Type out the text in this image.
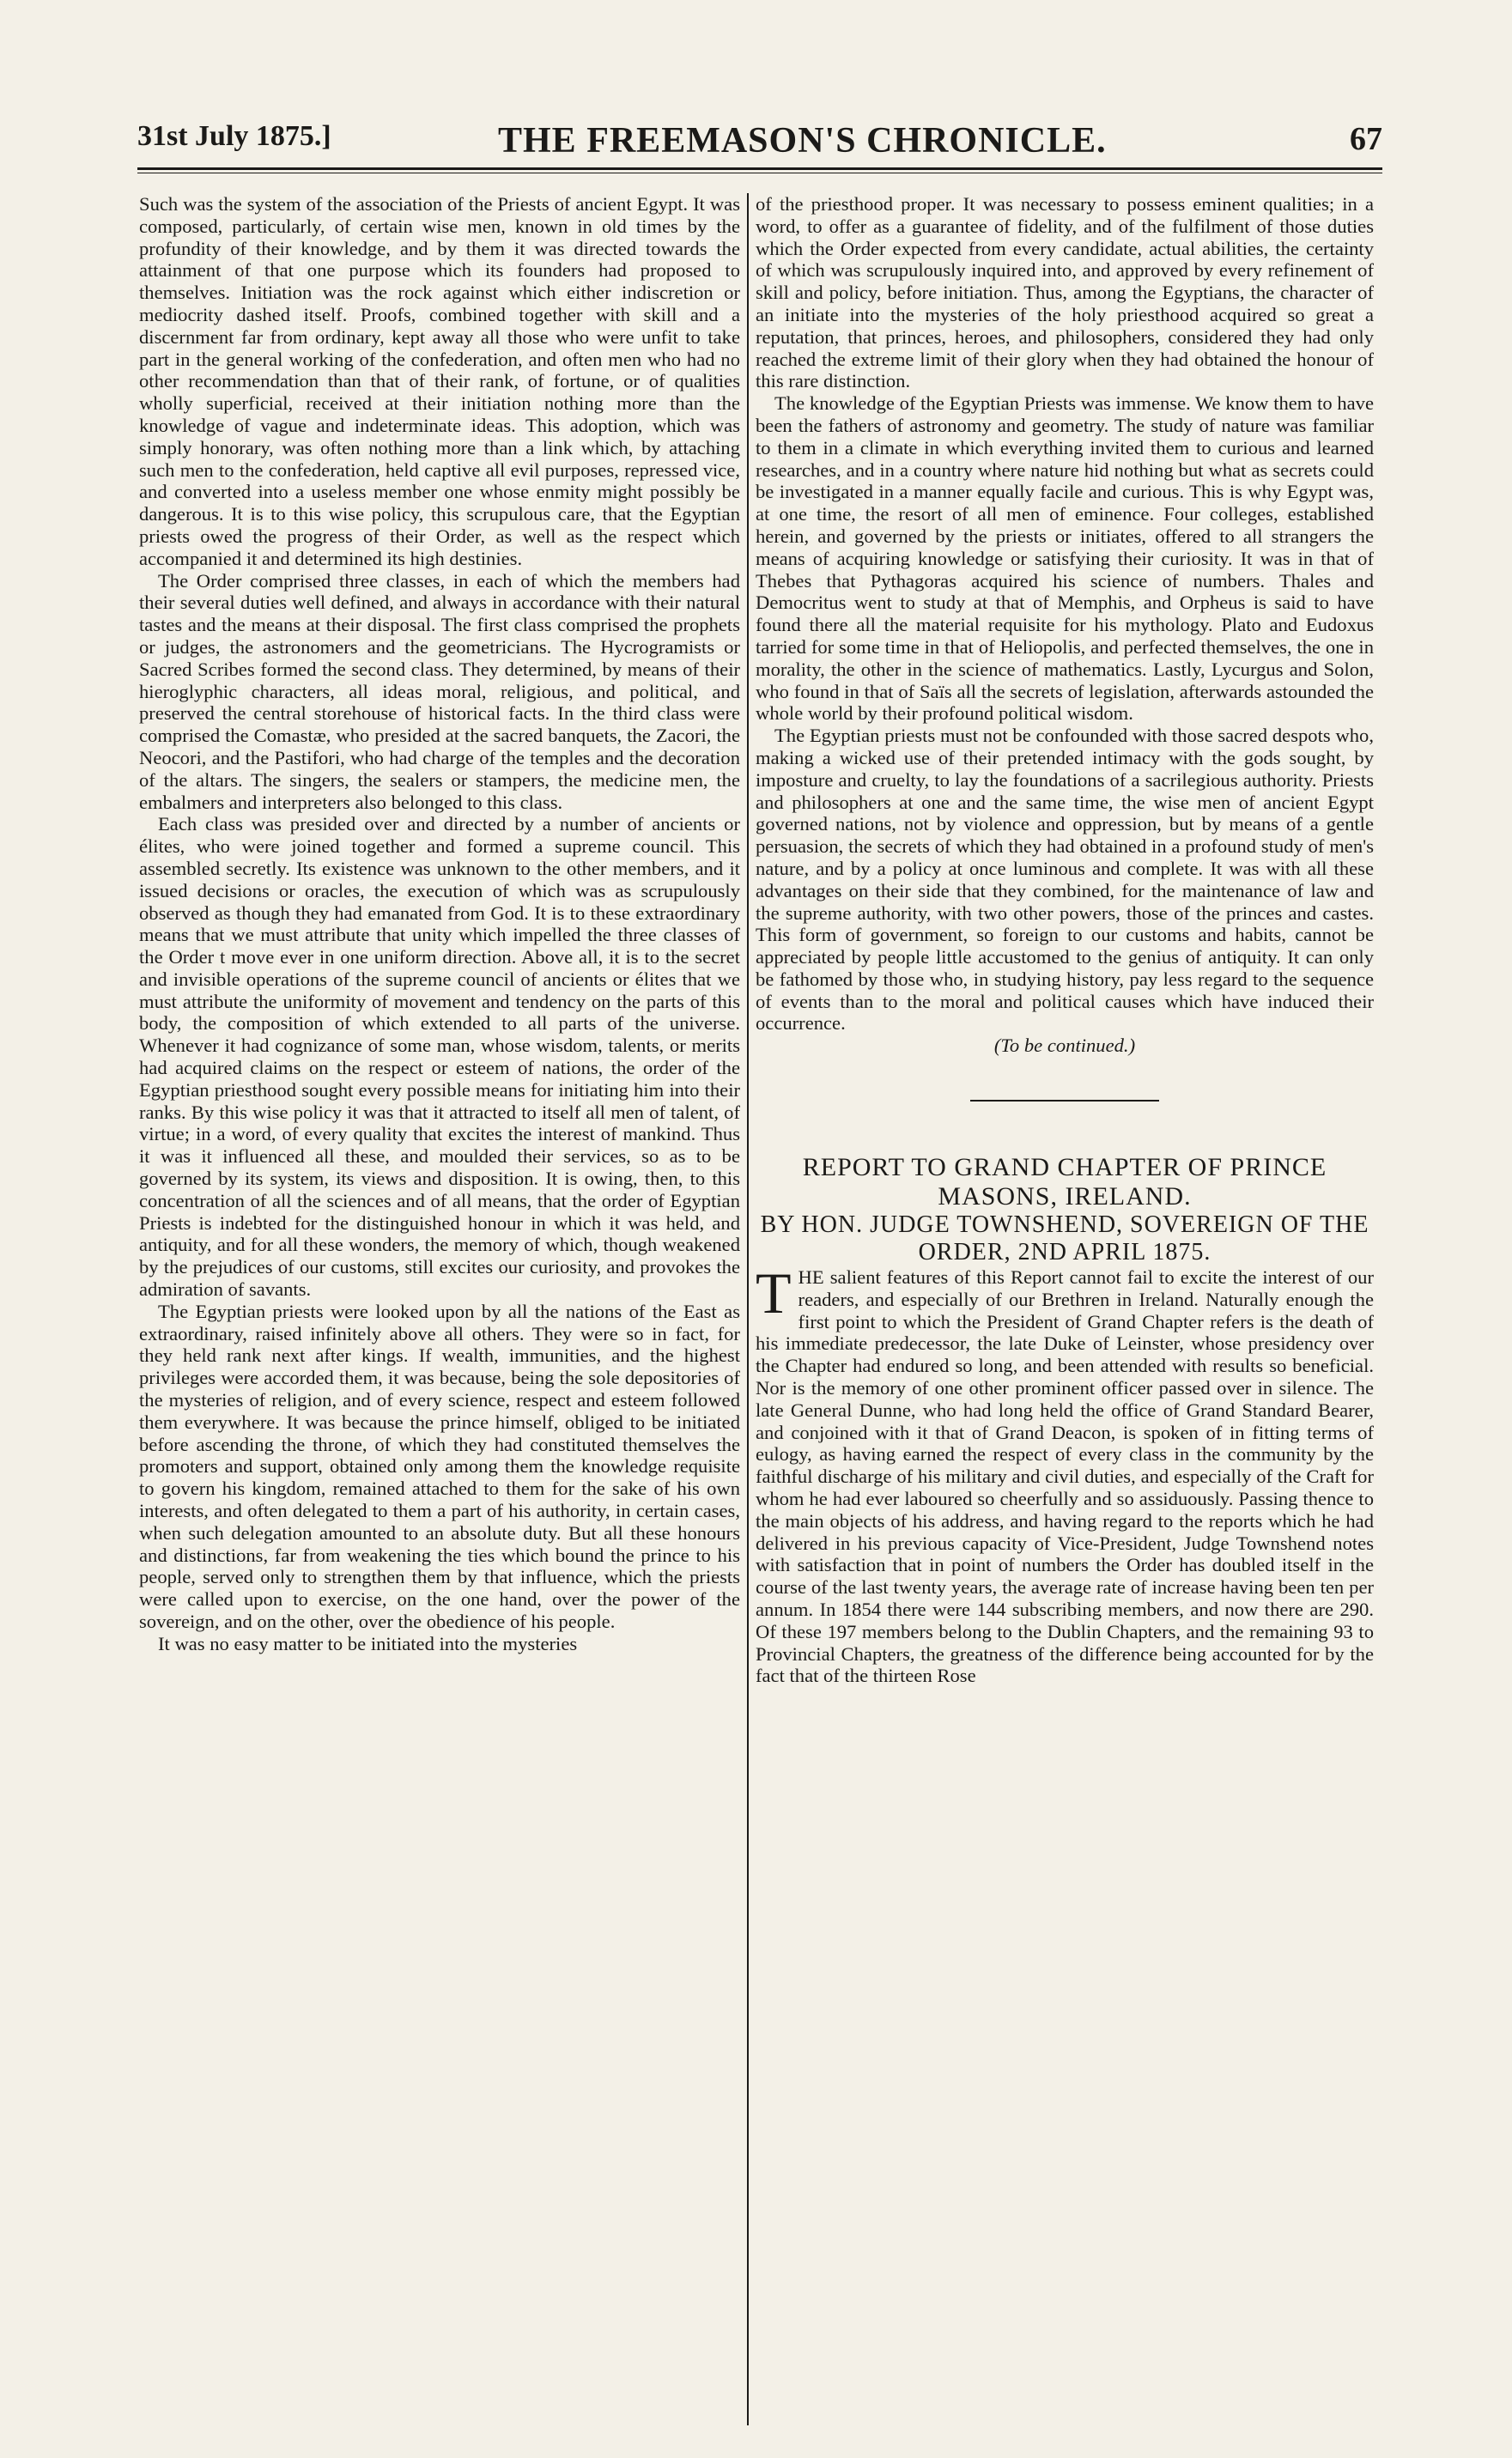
31st July 1875.]	THE FREEMASON'S CHRONICLE.	67

Such was the system of the association of the Priests of ancient Egypt. It was composed, particularly, of certain wise men, known in old times by the profundity of their knowledge, and by them it was directed towards the attainment of that one purpose which its founders had proposed to themselves. Initiation was the rock against which either indiscretion or mediocrity dashed itself. Proofs, combined together with skill and a discernment far from ordinary, kept away all those who were unfit to take part in the general working of the confederation, and often men who had no other recommendation than that of their rank, of fortune, or of qualities wholly superficial, received at their initiation nothing more than the knowledge of vague and indeterminate ideas. This adoption, which was simply honorary, was often nothing more than a link which, by attaching such men to the confederation, held captive all evil purposes, repressed vice, and converted into a useless member one whose enmity might possibly be dangerous. It is to this wise policy, this scrupulous care, that the Egyptian priests owed the progress of their Order, as well as the respect which accompanied it and determined its high destinies.

The Order comprised three classes, in each of which the members had their several duties well defined, and always in accordance with their natural tastes and the means at their disposal. The first class comprised the prophets or judges, the astronomers and the geometricians. The Hycrogramists or Sacred Scribes formed the second class. They determined, by means of their hieroglyphic characters, all ideas moral, religious, and political, and preserved the central storehouse of historical facts. In the third class were comprised the Comastæ, who presided at the sacred banquets, the Zacori, the Neocori, and the Pastifori, who had charge of the temples and the decoration of the altars. The singers, the sealers or stampers, the medicine men, the embalmers and interpreters also belonged to this class.

Each class was presided over and directed by a number of ancients or élites, who were joined together and formed a supreme council. This assembled secretly. Its existence was unknown to the other members, and it issued decisions or oracles, the execution of which was as scrupulously observed as though they had emanated from God. It is to these extraordinary means that we must attribute that unity which impelled the three classes of the Order t move ever in one uniform direction. Above all, it is to the secret and invisible operations of the supreme council of ancients or élites that we must attribute the uniformity of movement and tendency on the parts of this body, the composition of which extended to all parts of the universe. Whenever it had cognizance of some man, whose wisdom, talents, or merits had acquired claims on the respect or esteem of nations, the order of the Egyptian priesthood sought every possible means for initiating him into their ranks. By this wise policy it was that it attracted to itself all men of talent, of virtue; in a word, of every quality that excites the interest of mankind. Thus it was it influenced all these, and moulded their services, so as to be governed by its system, its views and disposition. It is owing, then, to this concentration of all the sciences and of all means, that the order of Egyptian Priests is indebted for the distinguished honour in which it was held, and antiquity, and for all these wonders, the memory of which, though weakened by the prejudices of our customs, still excites our curiosity, and provokes the admiration of savants.

The Egyptian priests were looked upon by all the nations of the East as extraordinary, raised infinitely above all others. They were so in fact, for they held rank next after kings. If wealth, immunities, and the highest privileges were accorded them, it was because, being the sole depositories of the mysteries of religion, and of every science, respect and esteem followed them everywhere. It was because the prince himself, obliged to be initiated before ascending the throne, of which they had constituted themselves the promoters and support, obtained only among them the knowledge requisite to govern his kingdom, remained attached to them for the sake of his own interests, and often delegated to them a part of his authority, in certain cases, when such delegation amounted to an absolute duty. But all these honours and distinctions, far from weakening the ties which bound the prince to his people, served only to strengthen them by that influence, which the priests were called upon to exercise, on the one hand, over the power of the sovereign, and on the other, over the obedience of his people.

It was no easy matter to be initiated into the mysteries

of the priesthood proper. It was necessary to possess eminent qualities; in a word, to offer as a guarantee of fidelity, and of the fulfilment of those duties which the Order expected from every candidate, actual abilities, the certainty of which was scrupulously inquired into, and approved by every refinement of skill and policy, before initiation. Thus, among the Egyptians, the character of an initiate into the mysteries of the holy priesthood acquired so great a reputation, that princes, heroes, and philosophers, considered they had only reached the extreme limit of their glory when they had obtained the honour of this rare distinction.

The knowledge of the Egyptian Priests was immense. We know them to have been the fathers of astronomy and geometry. The study of nature was familiar to them in a climate in which everything invited them to curious and learned researches, and in a country where nature hid nothing but what as secrets could be investigated in a manner equally facile and curious. This is why Egypt was, at one time, the resort of all men of eminence. Four colleges, established herein, and governed by the priests or initiates, offered to all strangers the means of acquiring knowledge or satisfying their curiosity. It was in that of Thebes that Pythagoras acquired his science of numbers. Thales and Democritus went to study at that of Memphis, and Orpheus is said to have found there all the material requisite for his mythology. Plato and Eudoxus tarried for some time in that of Heliopolis, and perfected themselves, the one in morality, the other in the science of mathematics. Lastly, Lycurgus and Solon, who found in that of Saïs all the secrets of legislation, afterwards astounded the whole world by their profound political wisdom.

The Egyptian priests must not be confounded with those sacred despots who, making a wicked use of their pretended intimacy with the gods sought, by imposture and cruelty, to lay the foundations of a sacrilegious authority. Priests and philosophers at one and the same time, the wise men of ancient Egypt governed nations, not by violence and oppression, but by means of a gentle persuasion, the secrets of which they had obtained in a profound study of men's nature, and by a policy at once luminous and complete. It was with all these advantages on their side that they combined, for the maintenance of law and the supreme authority, with two other powers, those of the princes and castes. This form of government, so foreign to our customs and habits, cannot be appreciated by people little accustomed to the genius of antiquity. It can only be fathomed by those who, in studying history, pay less regard to the sequence of events than to the moral and political causes which have induced their occurrence.

(To be continued.)

REPORT TO GRAND CHAPTER OF PRINCE MASONS, IRELAND.

BY HON. JUDGE TOWNSHEND, SOVEREIGN OF THE ORDER, 2ND APRIL 1875.

THE salient features of this Report cannot fail to excite the interest of our readers, and especially of our Brethren in Ireland. Naturally enough the first point to which the President of Grand Chapter refers is the death of his immediate predecessor, the late Duke of Leinster, whose presidency over the Chapter had endured so long, and been attended with results so beneficial. Nor is the memory of one other prominent officer passed over in silence. The late General Dunne, who had long held the office of Grand Standard Bearer, and conjoined with it that of Grand Deacon, is spoken of in fitting terms of eulogy, as having earned the respect of every class in the community by the faithful discharge of his military and civil duties, and especially of the Craft for whom he had ever laboured so cheerfully and so assiduously. Passing thence to the main objects of his address, and having regard to the reports which he had delivered in his previous capacity of Vice-President, Judge Townshend notes with satisfaction that in point of numbers the Order has doubled itself in the course of the last twenty years, the average rate of increase having been ten per annum. In 1854 there were 144 subscribing members, and now there are 290. Of these 197 members belong to the Dublin Chapters, and the remaining 93 to Provincial Chapters, the greatness of the difference being accounted for by the fact that of the thirteen Rose
